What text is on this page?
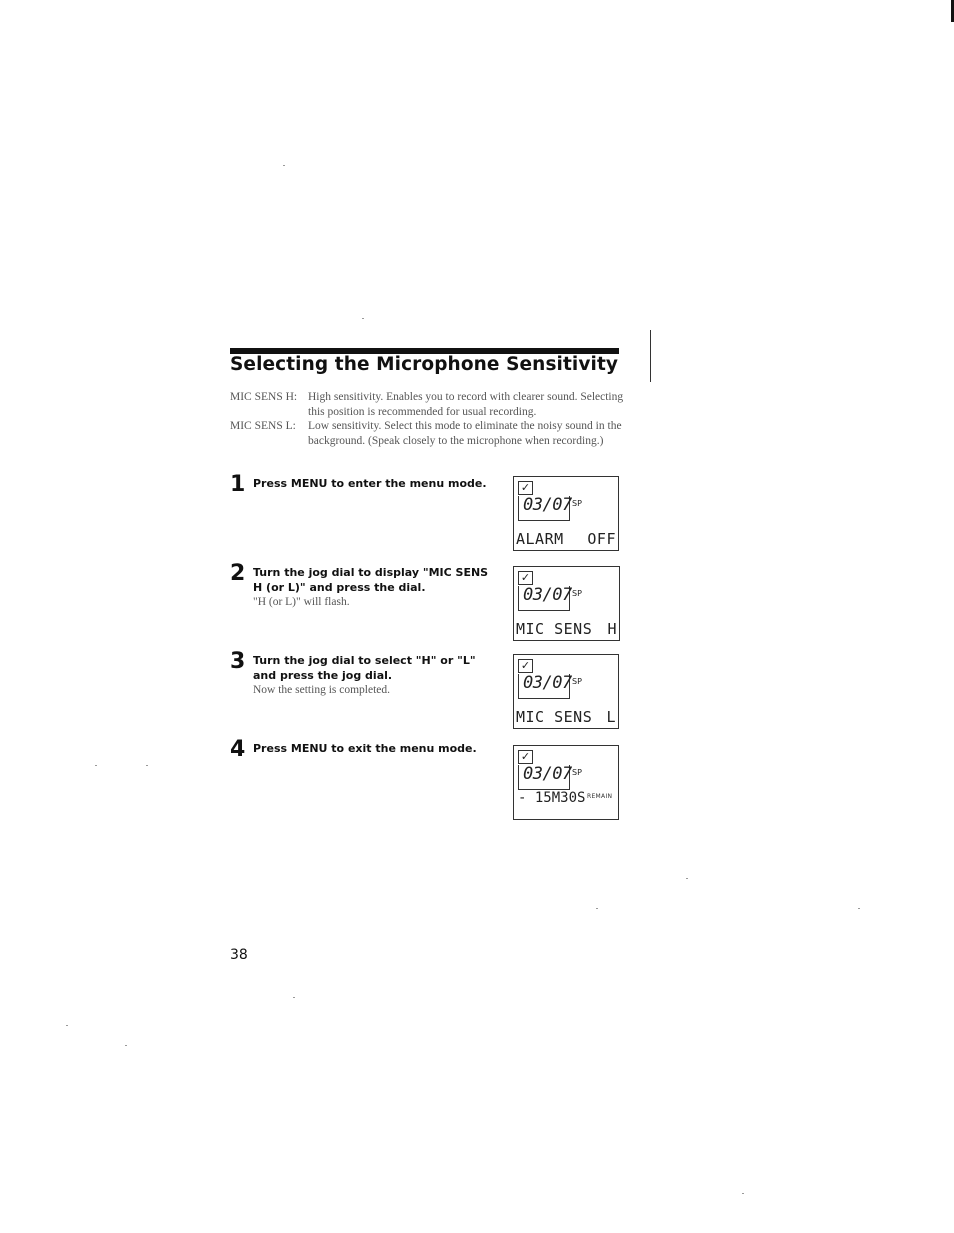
Selecting the Microphone Sensitivity
MIC SENS H: High sensitivity. Enables you to record with clearer sound. Selecting this position is recommended for usual recording.
MIC SENS L:	Low sensitivity. Select this mode to eliminate the noisy sound in the background. (Speak closely to the microphone when recording.)
1 Press MENU to enter the menu mode.
2 Turn the jog dial to display "MIC SENS H (or L)" and press the dial.
"H (or L)" will flash.
3 Turn the jog dial to select "H" or "L" and press the jog dial.
Now the setting is completed.
4 Press MENU to exit the menu mode.
✓
03/07 SP
ALARM OFF
✓
03/07 SP
MIC SENS H
✓
03/07 SP
MIC SENS L
✓
03/07 SP
- 15M30S REMAIN
38
